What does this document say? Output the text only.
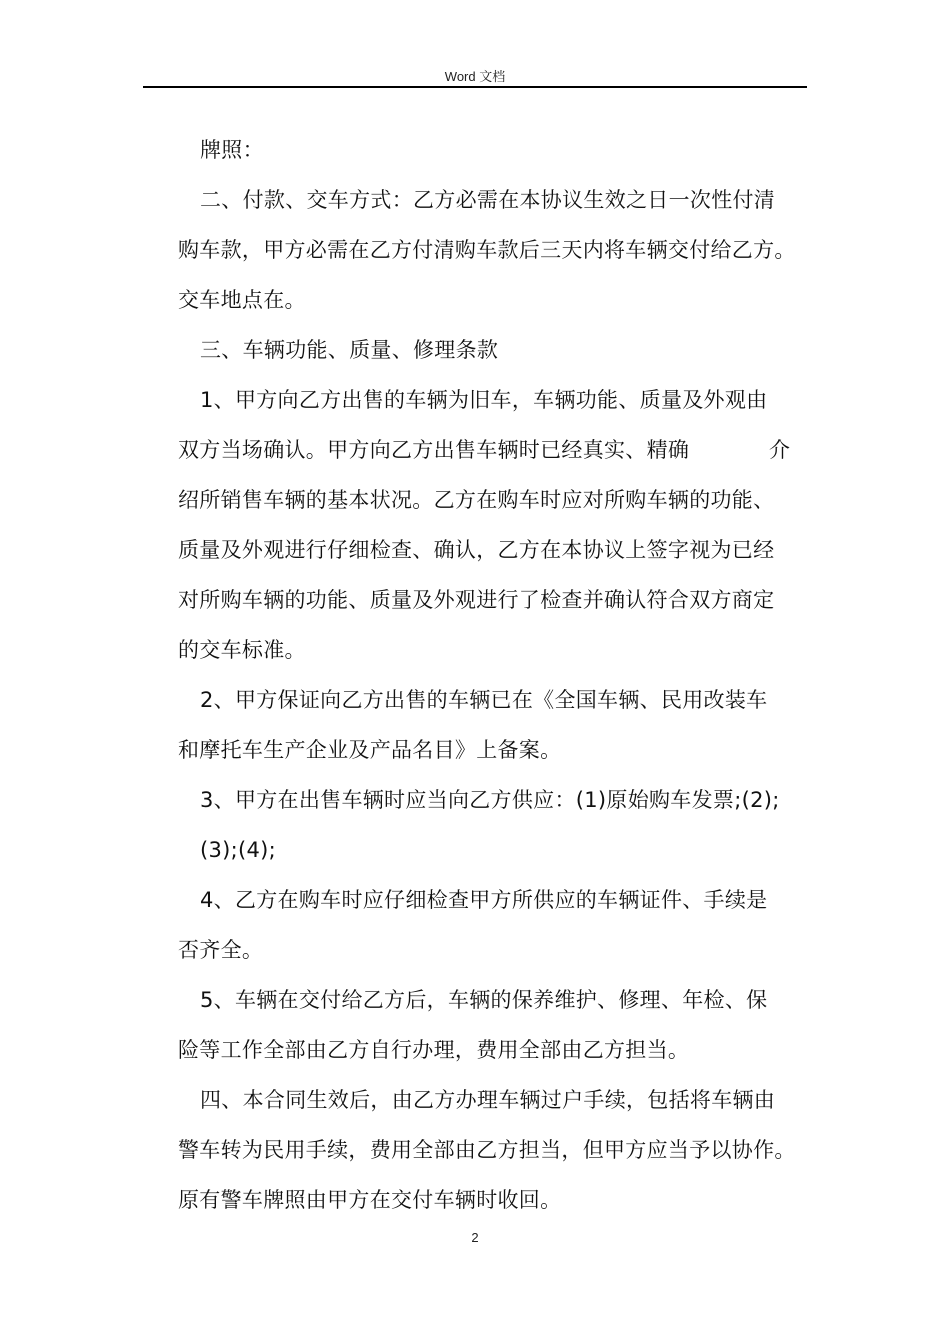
Word 文档
牌照：
二、付款、交车方式：乙方必需在本协议生效之日一次性付清
购车款，甲方必需在乙方付清购车款后三天内将车辆交付给乙方。
交车地点在。
三、车辆功能、质量、修理条款
1、甲方向乙方出售的车辆为旧车，车辆功能、质量及外观由
双方当场确认。甲方向乙方出售车辆时已经真实、精确	介
绍所销售车辆的基本状况。乙方在购车时应对所购车辆的功能、
质量及外观进行仔细检查、确认，乙方在本协议上签字视为已经
对所购车辆的功能、质量及外观进行了检查并确认符合双方商定
的交车标准。
2、甲方保证向乙方出售的车辆已在《全国车辆、民用改装车
和摩托车生产企业及产品名目》上备案。
3、甲方在出售车辆时应当向乙方供应：(1)原始购车发票;(2);
(3);(4);
4、乙方在购车时应仔细检查甲方所供应的车辆证件、手续是
否齐全。
5、车辆在交付给乙方后，车辆的保养维护、修理、年检、保
险等工作全部由乙方自行办理，费用全部由乙方担当。
四、本合同生效后，由乙方办理车辆过户手续，包括将车辆由
警车转为民用手续，费用全部由乙方担当，但甲方应当予以协作。
原有警车牌照由甲方在交付车辆时收回。
2
